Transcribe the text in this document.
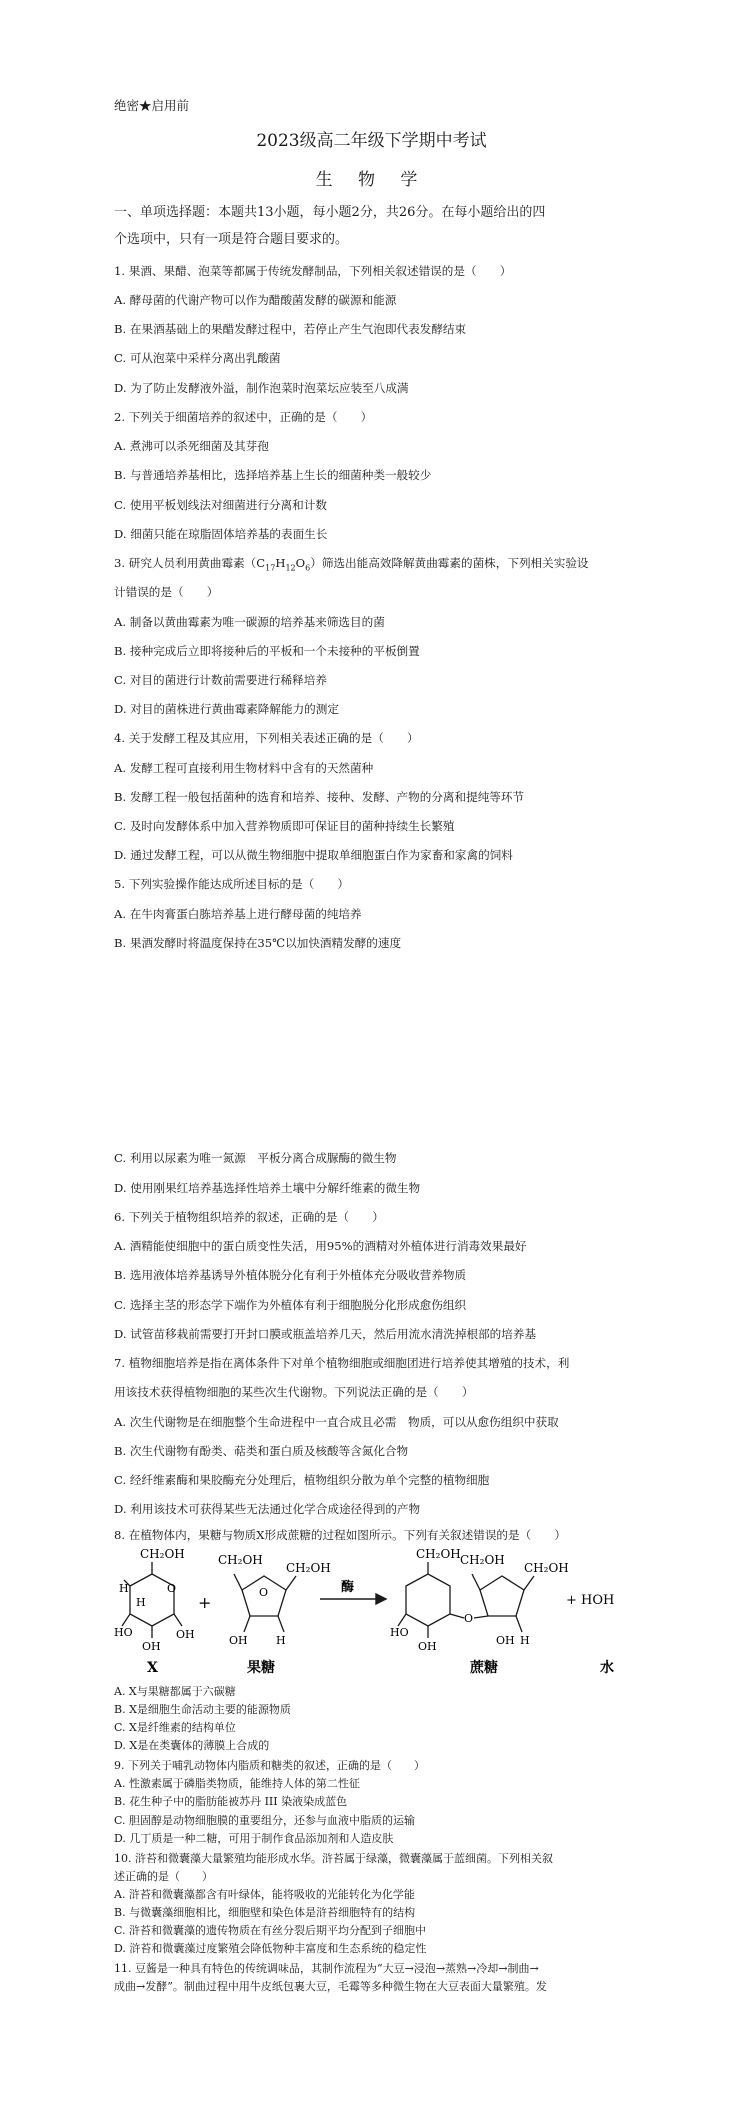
绝密★启用前
2023级高二年级下学期中考试
生 物 学
一、单项选择题：本题共13小题，每小题2分，共26分。在每小题给出的四
个选项中，只有一项是符合题目要求的。
1. 果酒、果醋、泡菜等都属于传统发酵制品，下列相关叙述错误的是（　　）
A. 酵母菌的代谢产物可以作为醋酸菌发酵的碳源和能源
B. 在果酒基础上的果醋发酵过程中，若停止产生气泡即代表发酵结束
C. 可从泡菜中采样分离出乳酸菌
D. 为了防止发酵液外溢，制作泡菜时泡菜坛应装至八成满
2. 下列关于细菌培养的叙述中，正确的是（　　）
A. 煮沸可以杀死细菌及其芽孢
B. 与普通培养基相比，选择培养基上生长的细菌种类一般较少
C. 使用平板划线法对细菌进行分离和计数
D. 细菌只能在琼脂固体培养基的表面生长
3. 研究人员利用黄曲霉素$(C_{17}H_{12}O_6)$筛选出能高效降解黄曲霉素的菌株，下列相关实验设
计错误的是（　　）
A. 制备以黄曲霉素为唯一碳源的培养基来筛选目的菌
B. 接种完成后立即将接种后的平板和一个未接种的平板倒置
C. 对目的菌进行计数前需要进行稀释培养
D. 对目的菌株进行黄曲霉素降解能力的测定
4. 关于发酵工程及其应用，下列相关表述正确的是（　　）
A. 发酵工程可直接利用生物材料中含有的天然菌种
B. 发酵工程一般包括菌种的选育和培养、接种、发酵、产物的分离和提纯等环节
C. 及时向发酵体系中加入营养物质即可保证目的菌种持续生长繁殖
D. 通过发酵工程，可以从微生物细胞中提取单细胞蛋白作为家畜和家禽的饲料
5. 下列实验操作能达成所述目标的是（　　）
A. 在牛肉膏蛋白胨培养基上进行酵母菌的纯培养
B. 果酒发酵时将温度保持在35℃以加快酒精发酵的速度
C. 利用以尿素为唯一氮源　平板分离合成脲酶的微生物
D. 使用刚果红培养基选择性培养土壤中分解纤维素的微生物
6. 下列关于植物组织培养的叙述，正确的是（　　）
A. 酒精能使细胞中的蛋白质变性失活，用95%的酒精对外植体进行消毒效果最好
B. 选用液体培养基诱导外植体脱分化有利于外植体充分吸收营养物质
C. 选择主茎的形态学下端作为外植体有利于细胞脱分化形成愈伤组织
D. 试管苗移栽前需要打开封口膜或瓶盖培养几天，然后用流水清洗掉根部的培养基
7. 植物细胞培养是指在离体条件下对单个植物细胞或细胞团进行培养使其增殖的技术，利
用该技术获得植物细胞的某些次生代谢物。下列说法正确的是（　　）
A. 次生代谢物是在细胞整个生命进程中一直合成且必需　物质，可以从愈伤组织中获取
B. 次生代谢物有酚类、萜类和蛋白质及核酸等含氮化合物
C. 经纤维素酶和果胶酶充分处理后，植物组织分散为单个完整的植物细胞
D. 利用该技术可获得某些无法通过化学合成途径得到的产物
8. 在植物体内，果糖与物质X形成蔗糖的过程如图所示。下列有关叙述错误的是（　　）
CH₂OH
O
H
H
HO
OH
OH
X
+
CH₂OH
CH₂OH
O
OH	H
果糖
酶
CH₂OH CH₂OH
CH₂OH
O
HO
OH	OH H
蔗糖
+ HOH
水
A. X与果糖都属于六碳糖
B. X是细胞生命活动主要的能源物质
C. X是纤维素的结构单位
D. X是在类囊体的薄膜上合成的
9. 下列关于哺乳动物体内脂质和糖类的叙述，正确的是（　　）
A. 性激素属于磷脂类物质，能维持人体的第二性征
B. 花生种子中的脂肪能被苏丹 III 染液染成蓝色
C. 胆固醇是动物细胞膜的重要组分，还参与血液中脂质的运输
D. 几丁质是一种二糖，可用于制作食品添加剂和人造皮肤
10. 浒苔和微囊藻大量繁殖均能形成水华。浒苔属于绿藻，微囊藻属于蓝细菌。下列相关叙
述正确的是（　　）
A. 浒苔和微囊藻都含有叶绿体，能将吸收的光能转化为化学能
B. 与微囊藻细胞相比，细胞壁和染色体是浒苔细胞特有的结构
C. 浒苔和微囊藻的遗传物质在有丝分裂后期平均分配到子细胞中
D. 浒苔和微囊藻过度繁殖会降低物种丰富度和生态系统的稳定性
11. 豆酱是一种具有特色的传统调味品，其制作流程为“大豆→浸泡→蒸熟→冷却→制曲→
成曲→发酵”。制曲过程中用牛皮纸包裹大豆，毛霉等多种微生物在大豆表面大量繁殖。发
